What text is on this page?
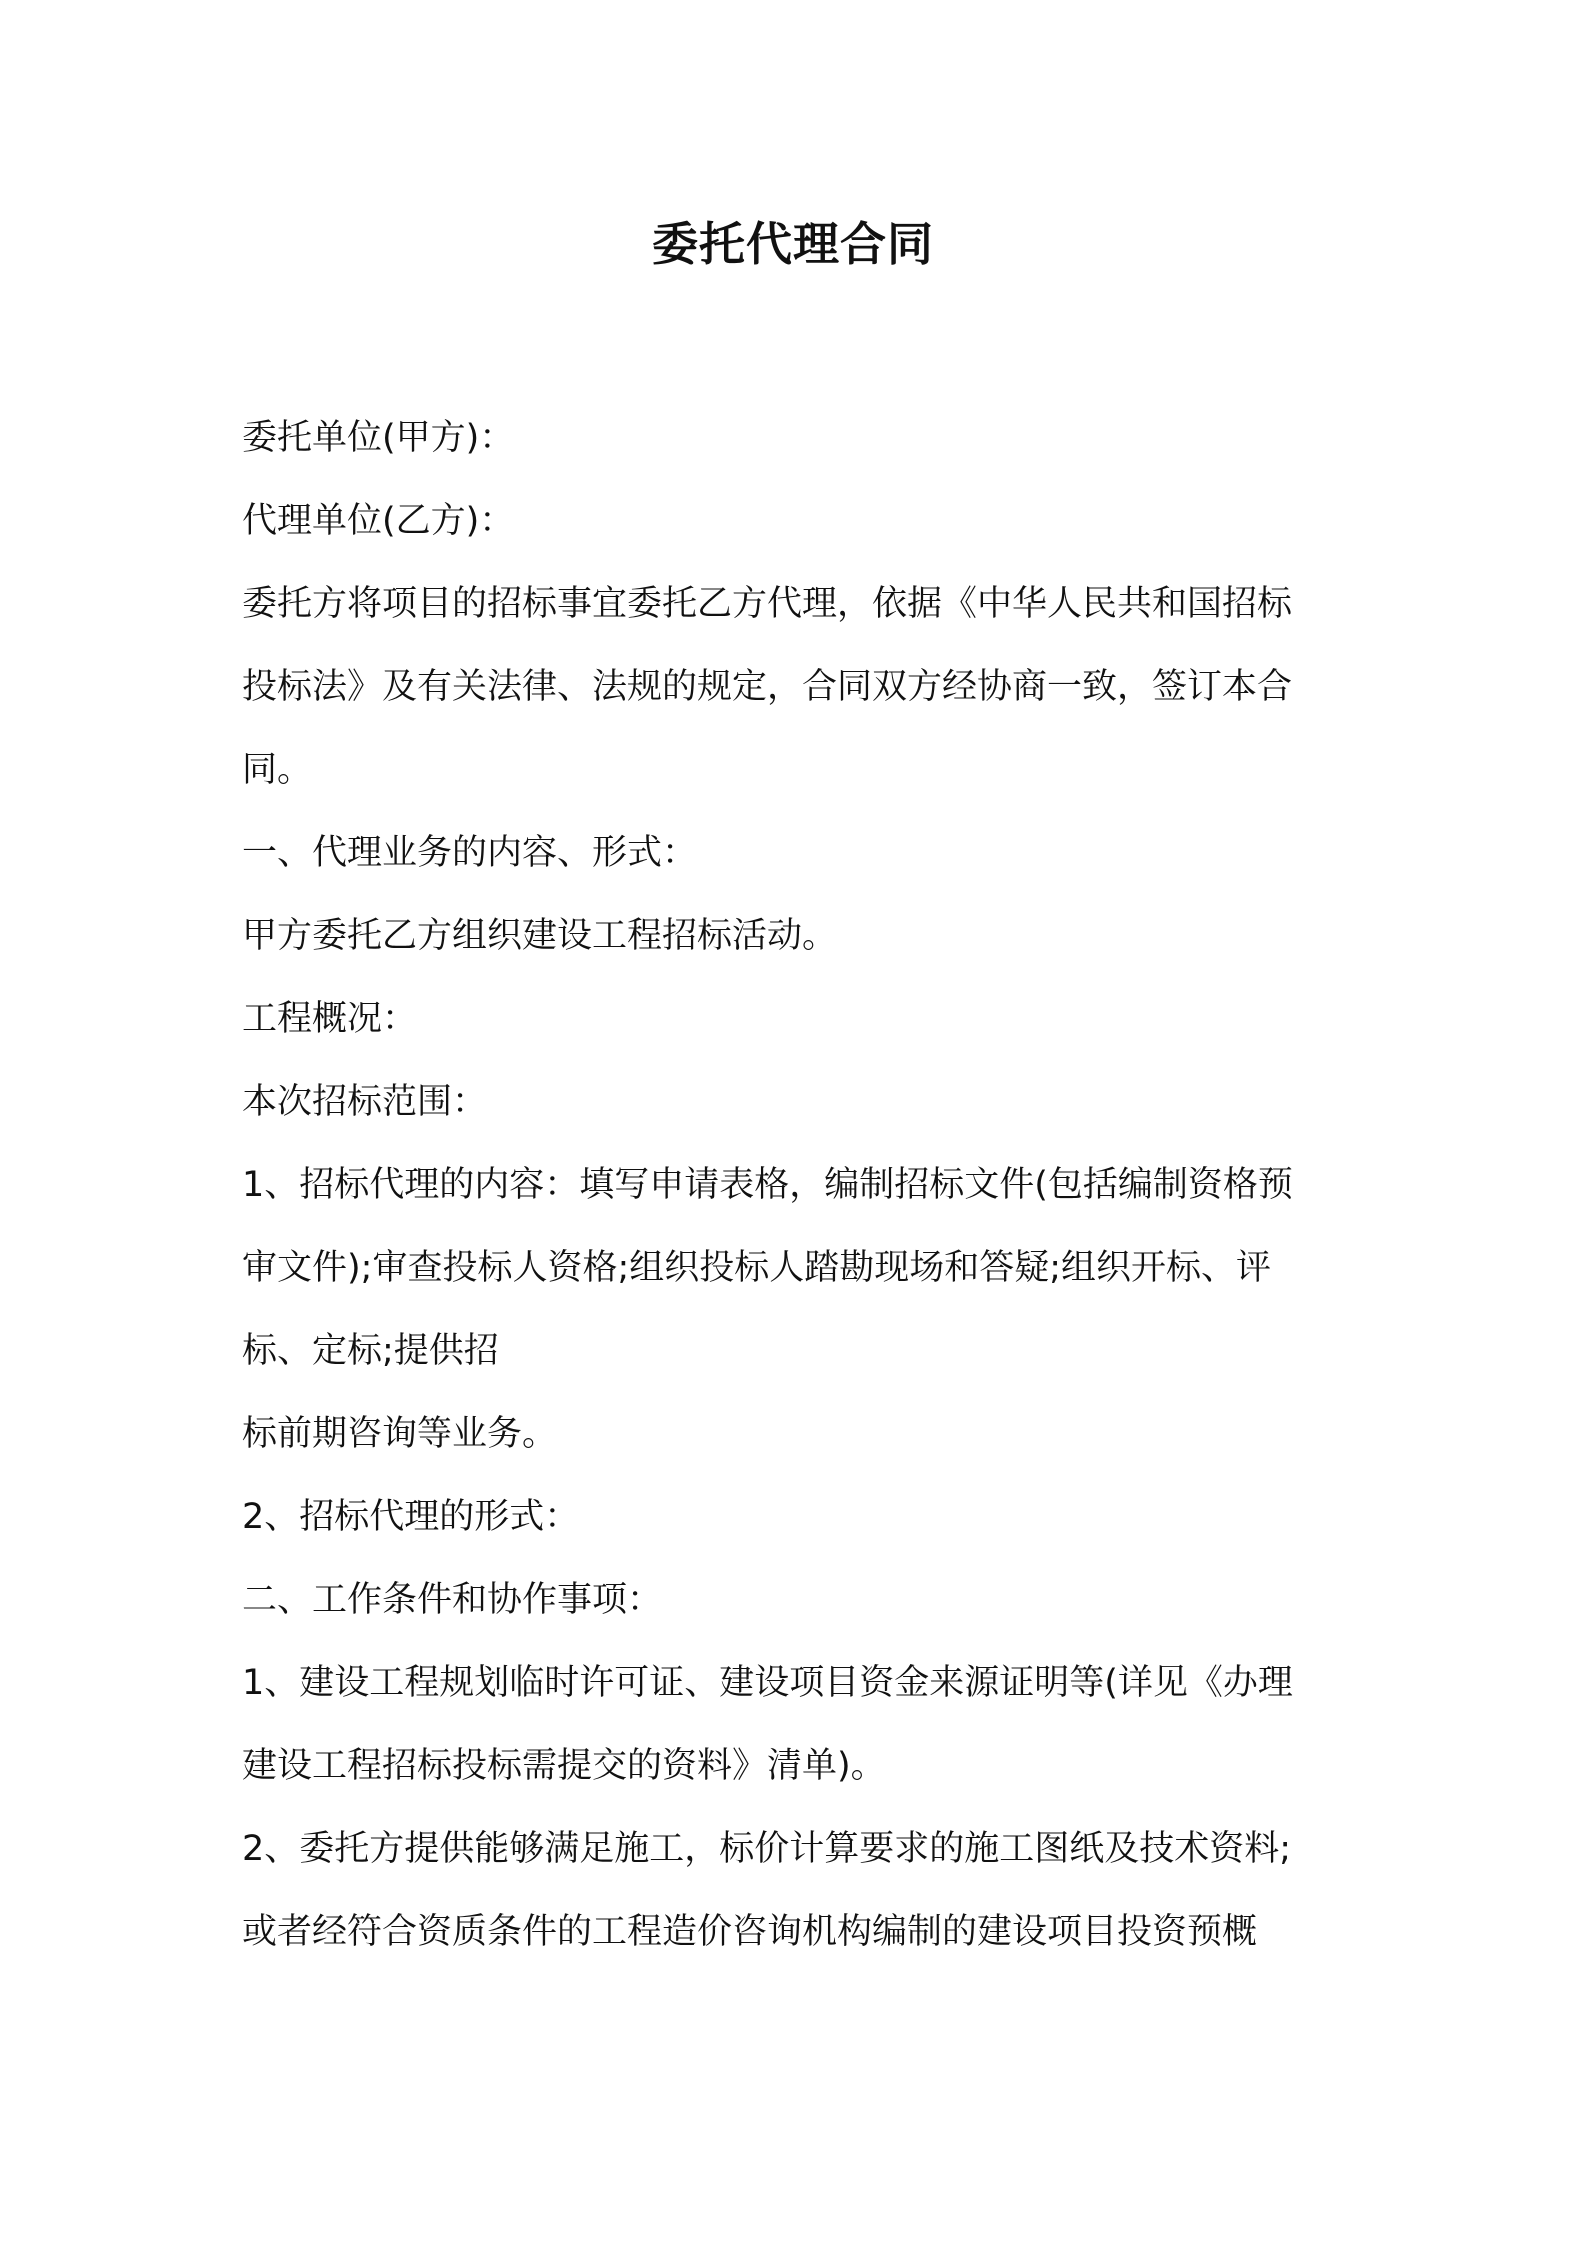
委托代理合同

委托单位(甲方)：

代理单位(乙方)：

委托方将项目的招标事宜委托乙方代理，依据《中华人民共和国招标

投标法》及有关法律、法规的规定，合同双方经协商一致，签订本合

同。

一、代理业务的内容、形式：

甲方委托乙方组织建设工程招标活动。

工程概况：

本次招标范围：

1、招标代理的内容：填写申请表格，编制招标文件(包括编制资格预

审文件);审查投标人资格;组织投标人踏勘现场和答疑;组织开标、评

标、定标;提供招

标前期咨询等业务。

2、招标代理的形式：

二、工作条件和协作事项：

1、建设工程规划临时许可证、建设项目资金来源证明等(详见《办理

建设工程招标投标需提交的资料》清单)。

2、委托方提供能够满足施工，标价计算要求的施工图纸及技术资料;

或者经符合资质条件的工程造价咨询机构编制的建设项目投资预概
